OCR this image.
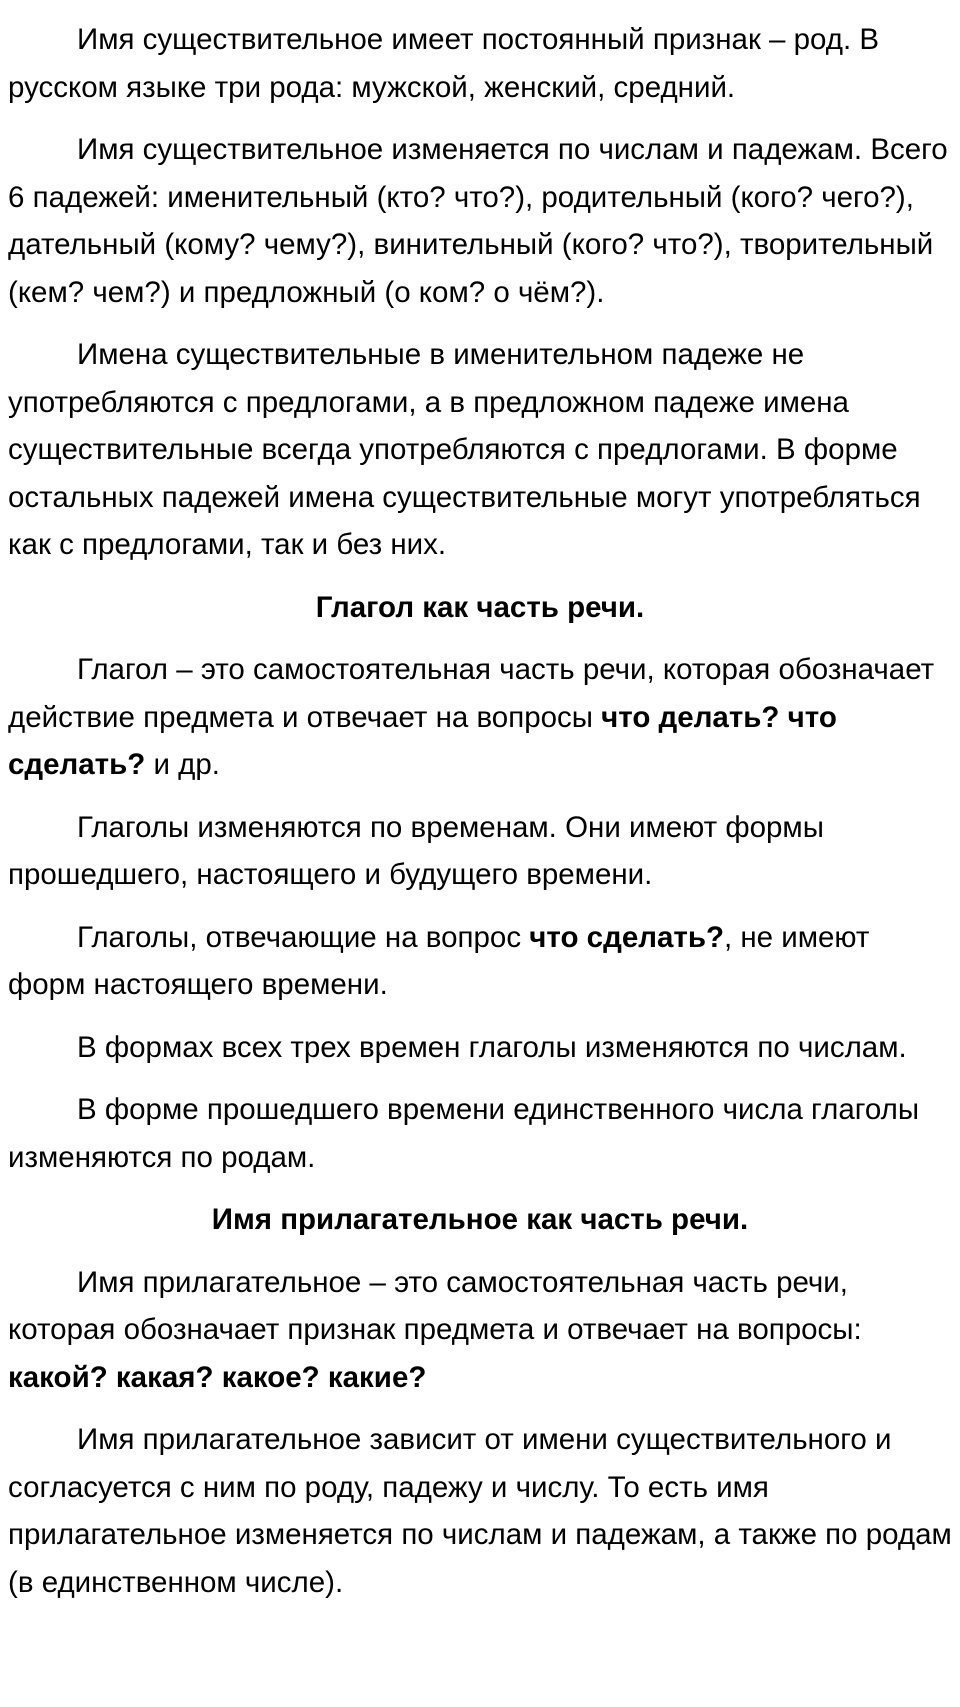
Имя существительное имеет постоянный признак – род. В русском языке три рода: мужской, женский, средний.

Имя существительное изменяется по числам и падежам. Всего 6 падежей: именительный (кто? что?), родительный (кого? чего?), дательный (кому? чему?), винительный (кого? что?), творительный (кем? чем?) и предложный (о ком? о чём?).

Имена существительные в именительном падеже не употребляются с предлогами, а в предложном падеже имена существительные всегда употребляются с предлогами. В форме остальных падежей имена существительные могут употребляться как с предлогами, так и без них.

Глагол как часть речи.

Глагол – это самостоятельная часть речи, которая обозначает действие предмета и отвечает на вопросы что делать? что сделать? и др.

Глаголы изменяются по временам. Они имеют формы прошедшего, настоящего и будущего времени.

Глаголы, отвечающие на вопрос что сделать?, не имеют форм настоящего времени.

В формах всех трех времен глаголы изменяются по числам.

В форме прошедшего времени единственного числа глаголы изменяются по родам.

Имя прилагательное как часть речи.

Имя прилагательное – это самостоятельная часть речи, которая обозначает признак предмета и отвечает на вопросы: какой? какая? какое? какие?

Имя прилагательное зависит от имени существительного и согласуется с ним по роду, падежу и числу. То есть имя прилагательное изменяется по числам и падежам, а также по родам (в единственном числе).
